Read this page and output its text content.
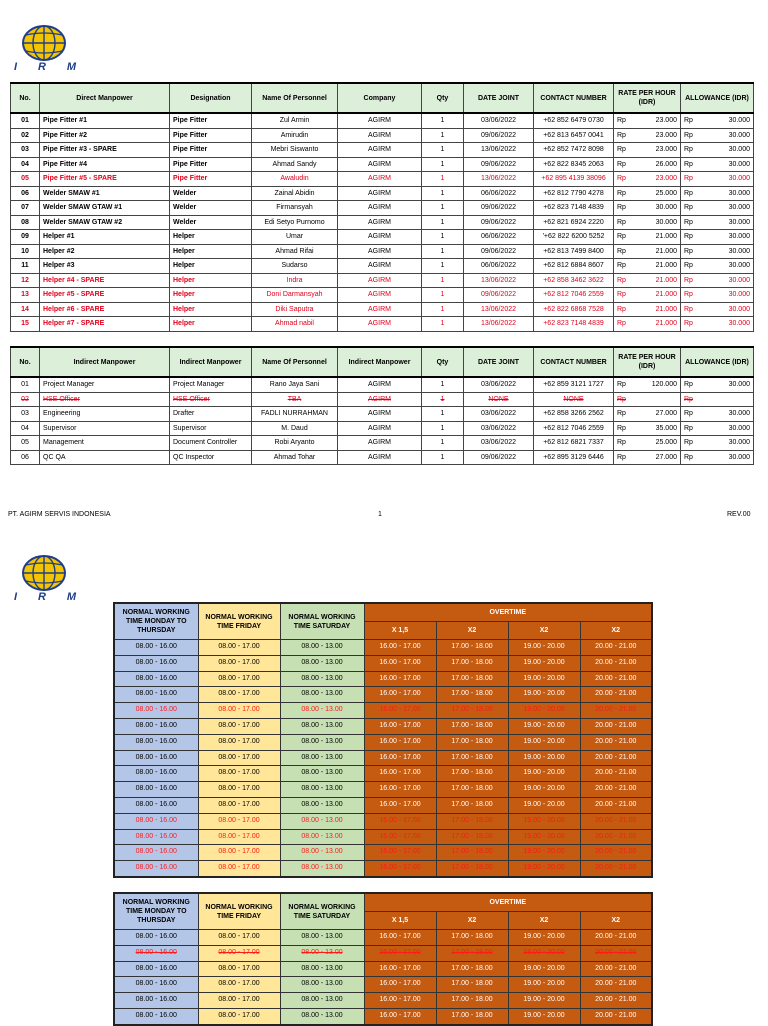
IRM
No.	Direct Manpower	Designation	Name Of Personnel	Company	Qty	DATE JOINT	CONTACT NUMBER	RATE PER HOUR (IDR)	ALLOWANCE (IDR)
01	Pipe Fitter #1	Pipe Fitter	Zul Armin	AGIRM	1	03/06/2022	+62 852 6479 0730	Rp 23.000	Rp 30.000

02	Pipe Fitter #2	Pipe Fitter	Amirudin	AGIRM	1	09/06/2022	+62 813 6457 0041	Rp 23.000	Rp 30.000

03	Pipe Fitter #3 - SPARE	Pipe Fitter	Mebri Siswanto	AGIRM	1	13/06/2022	+62 852 7472 8098	Rp 23.000	Rp 30.000

04	Pipe Fitter #4	Pipe Fitter	Ahmad Sandy	AGIRM	1	09/06/2022	+62 822 8345 2063	Rp 26.000	Rp 30.000

05	Pipe Fitter #5 - SPARE	Pipe Fitter	Awaludin	AGIRM	1	13/06/2022	+62 895 4139 38096	Rp 23.000	Rp 30.000

06	Welder SMAW #1	Welder	Zainal Abidin	AGIRM	1	06/06/2022	+62 812 7790 4278	Rp 25.000	Rp 30.000

07	Welder SMAW GTAW #1	Welder	Firmansyah	AGIRM	1	09/06/2022	+62 823 7148 4839	Rp 30.000	Rp 30.000

08	Welder SMAW GTAW #2	Welder	Edi Setyo Purnomo	AGIRM	1	09/06/2022	+62 821 6924 2220	Rp 30.000	Rp 30.000

09	Helper #1	Helper	Umar	AGIRM	1	06/06/2022	'+62 822 6200 5252	Rp 21.000	Rp 30.000

10	Helper #2	Helper	Ahmad Rifai	AGIRM	1	09/06/2022	+62 813 7499 8400	Rp 21.000	Rp 30.000

11	Helper #3	Helper	Sudarso	AGIRM	1	06/06/2022	+62 812 6884 8607	Rp 21.000	Rp 30.000

12	Helper #4 - SPARE	Helper	Indra	AGIRM	1	13/06/2022	+62 858 3462 3622	Rp 21.000	Rp 30.000

13	Helper #5 - SPARE	Helper	Doni Darmansyah	AGIRM	1	09/06/2022	+62 812 7046 2559	Rp 21.000	Rp 30.000

14	Helper #6 - SPARE	Helper	Diki Saputra	AGIRM	1	13/06/2022	+62 822 6868 7528	Rp 21.000	Rp 30.000

15	Helper #7 - SPARE	Helper	Ahmad nabil	AGIRM	1	13/06/2022	+62 823 7148 4839	Rp 21.000	Rp 30.000
No.	Indirect Manpower	Indirect Manpower	Name Of Personnel	Indirect Manpower	Qty	DATE JOINT	CONTACT NUMBER	RATE PER HOUR (IDR)	ALLOWANCE (IDR)
01	Project Manager	Project Manager	Rano Jaya Sani	AGIRM	1	03/06/2022	+62 859 3121 1727	Rp 120.000	Rp 30.000

02	HSE Officer	HSE Officer	TBA	AGIRM	1	NONE	NONE	Rp	Rp

03	Engineering	Drafter	FADLI NURRAHMAN	AGIRM	1	03/06/2022	+62 858 3266 2562	Rp 27.000	Rp 30.000

04	Supervisor	Supervisor	M. Daud	AGIRM	1	03/06/2022	+62 812 7046 2559	Rp 35.000	Rp 30.000

05	Management	Document Controller	Robi Aryanto	AGIRM	1	03/06/2022	+62 812 6821 7337	Rp 25.000	Rp 30.000

06	QC QA	QC Inspector	Ahmad Tohar	AGIRM	1	09/06/2022	+62 895 3129 6446	Rp 27.000	Rp 30.000
PT. AGIRM SERVIS INDONESIA	1	REV.00
IRM
NORMAL WORKING TIME MONDAY TO THURSDAY	NORMAL WORKING TIME FRIDAY	NORMAL WORKING TIME SATURDAY	OVERTIME			
			X 1,5	X2	X2	X2
08.00 - 16.00	08.00 - 17.00	08.00 - 13.00	16.00 - 17.00	17.00 - 18.00	19.00 - 20.00	20.00 - 21.00
08.00 - 16.00	08.00 - 17.00	08.00 - 13.00	16.00 - 17.00	17.00 - 18.00	19.00 - 20.00	20.00 - 21.00
08.00 - 16.00	08.00 - 17.00	08.00 - 13.00	16.00 - 17.00	17.00 - 18.00	19.00 - 20.00	20.00 - 21.00
08.00 - 16.00	08.00 - 17.00	08.00 - 13.00	16.00 - 17.00	17.00 - 18.00	19.00 - 20.00	20.00 - 21.00
08.00 - 16.00	08.00 - 17.00	08.00 - 13.00	16.00 - 17.00	17.00 - 18.00	19.00 - 20.00	20.00 - 21.00
08.00 - 16.00	08.00 - 17.00	08.00 - 13.00	16.00 - 17.00	17.00 - 18.00	19.00 - 20.00	20.00 - 21.00
08.00 - 16.00	08.00 - 17.00	08.00 - 13.00	16.00 - 17.00	17.00 - 18.00	19.00 - 20.00	20.00 - 21.00
08.00 - 16.00	08.00 - 17.00	08.00 - 13.00	16.00 - 17.00	17.00 - 18.00	19.00 - 20.00	20.00 - 21.00
08.00 - 16.00	08.00 - 17.00	08.00 - 13.00	16.00 - 17.00	17.00 - 18.00	19.00 - 20.00	20.00 - 21.00
08.00 - 16.00	08.00 - 17.00	08.00 - 13.00	16.00 - 17.00	17.00 - 18.00	19.00 - 20.00	20.00 - 21.00
08.00 - 16.00	08.00 - 17.00	08.00 - 13.00	16.00 - 17.00	17.00 - 18.00	19.00 - 20.00	20.00 - 21.00
08.00 - 16.00	08.00 - 17.00	08.00 - 13.00	16.00 - 17.00	17.00 - 18.00	19.00 - 20.00	20.00 - 21.00
08.00 - 16.00	08.00 - 17.00	08.00 - 13.00	16.00 - 17.00	17.00 - 18.00	19.00 - 20.00	20.00 - 21.00
08.00 - 16.00	08.00 - 17.00	08.00 - 13.00	16.00 - 17.00	17.00 - 18.00	19.00 - 20.00	20.00 - 21.00
08.00 - 16.00	08.00 - 17.00	08.00 - 13.00	16.00 - 17.00	17.00 - 18.00	19.00 - 20.00	20.00 - 21.00
NORMAL WORKING TIME MONDAY TO THURSDAY	NORMAL WORKING TIME FRIDAY	NORMAL WORKING TIME SATURDAY	OVERTIME			
			X 1,5	X2	X2	X2
08.00 - 16.00	08.00 - 17.00	08.00 - 13.00	16.00 - 17.00	17.00 - 18.00	19.00 - 20.00	20.00 - 21.00
08.00 - 16.00	08.00 - 17.00	08.00 - 13.00	16.00 - 17.00	17.00 - 18.00	18.00 - 20.00	20.00 - 21.00
08.00 - 16.00	08.00 - 17.00	08.00 - 13.00	16.00 - 17.00	17.00 - 18.00	19.00 - 20.00	20.00 - 21.00
08.00 - 16.00	08.00 - 17.00	08.00 - 13.00	16.00 - 17.00	17.00 - 18.00	19.00 - 20.00	20.00 - 21.00
08.00 - 16.00	08.00 - 17.00	08.00 - 13.00	16.00 - 17.00	17.00 - 18.00	19.00 - 20.00	20.00 - 21.00
08.00 - 16.00	08.00 - 17.00	08.00 - 13.00	16.00 - 17.00	17.00 - 18.00	19.00 - 20.00	20.00 - 21.00
